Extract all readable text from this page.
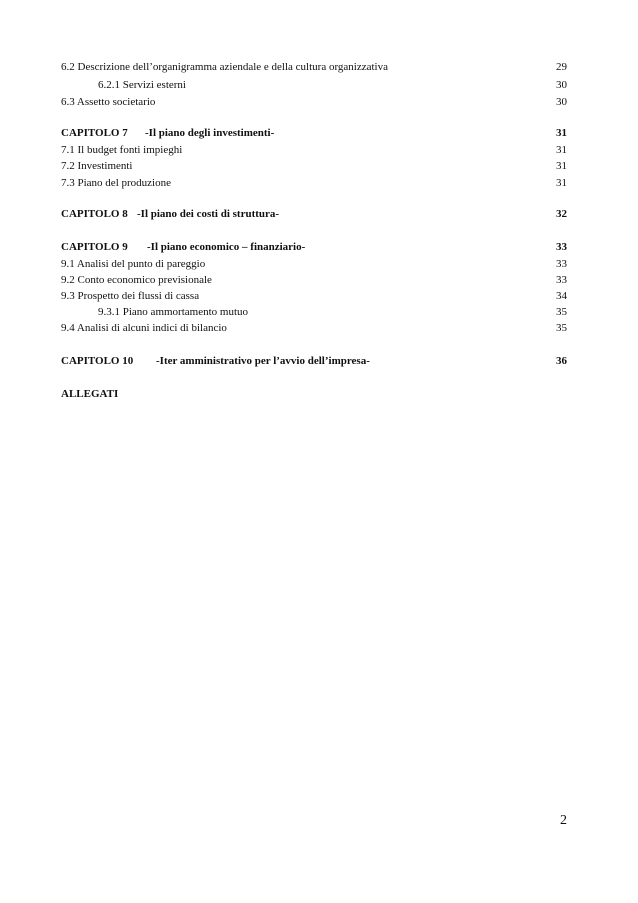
6.2 Descrizione dell’organigramma aziendale e della cultura organizzativa	29
6.2.1 Servizi esterni	30
6.3 Assetto societario	30
CAPITOLO 7 -Il piano degli investimenti-	31
7.1 Il budget fonti impieghi	31
7.2 Investimenti	31
7.3 Piano del produzione	31
CAPITOLO 8 -Il piano dei costi di struttura-	32
CAPITOLO 9 -Il piano economico – finanziario-	33
9.1 Analisi del punto di pareggio	33
9.2 Conto economico previsionale	33
9.3 Prospetto dei flussi di cassa	34
9.3.1 Piano ammortamento mutuo	35
9.4 Analisi di alcuni indici di bilancio	35
CAPITOLO 10 -Iter amministrativo per l’avvio dell’impresa-	36
ALLEGATI
2
